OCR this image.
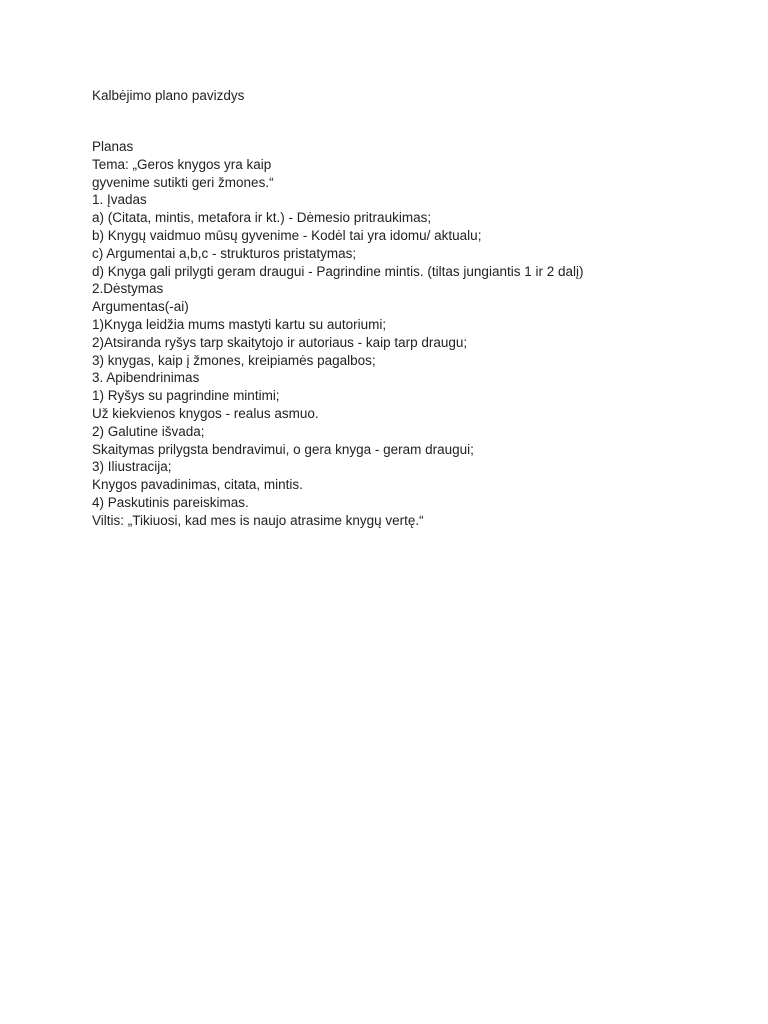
Kalbėjimo plano pavizdys
Planas
Tema: „Geros knygos yra kaip
gyvenime sutikti geri žmones.“
1. Įvadas
a) (Citata, mintis, metafora ir kt.) - Dėmesio pritraukimas;
b) Knygų vaidmuo mūsų gyvenime - Kodėl tai yra idomu/ aktualu;
c) Argumentai a,b,c - strukturos pristatymas;
d) Knyga gali prilygti geram draugui - Pagrindine mintis. (tiltas jungiantis 1 ir 2 dalį)
2.Dėstymas
Argumentas(-ai)
1)Knyga leidžia mums mastyti kartu su autoriumi;
2)Atsiranda ryšys tarp skaitytojo ir autoriaus - kaip tarp draugu;
3) knygas, kaip į žmones, kreipiamės pagalbos;
3. Apibendrinimas
1) Ryšys su pagrindine mintimi;
Už kiekvienos knygos - realus asmuo.
2) Galutine išvada;
Skaitymas prilygsta bendravimui, o gera knyga - geram draugui;
3) Iliustracija;
Knygos pavadinimas, citata, mintis.
4) Paskutinis pareiskimas.
Viltis: „Tikiuosi, kad mes is naujo atrasime knygų vertę.“
